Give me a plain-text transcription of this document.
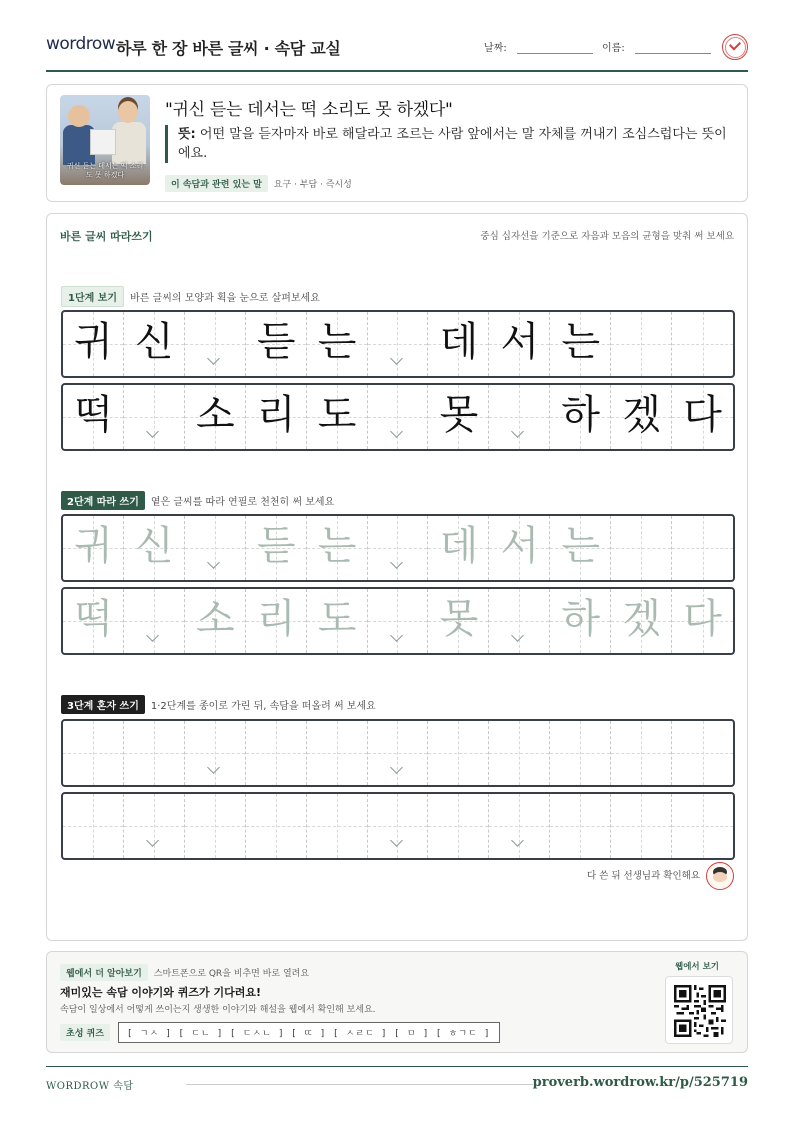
wordrow 하루 한 장 바른 글씨 · 속담 교실	날짜:	이름:
귀신 듣는 데서는 떡 소리도 못 하겠다
"귀신 듣는 데서는 떡 소리도 못 하겠다"
뜻: 어떤 말을 듣자마자 바로 해달라고 조르는 사람 앞에서는 말 자체를 꺼내기 조심스럽다는 뜻이에요.
이 속담과 관련 있는 말 요구 · 부담 · 즉시성
바른 글씨 따라쓰기	중심 십자선을 기준으로 자음과 모음의 균형을 맞춰 써 보세요
1단계 보기 바른 글씨의 모양과 획을 눈으로 살펴보세요
귀 신 듣 는 데 서 는
떡 소 리 도 못 하 겠 다
2단계 따라 쓰기 옅은 글씨를 따라 연필로 천천히 써 보세요
귀 신 듣 는 데 서 는
떡 소 리 도 못 하 겠 다
3단계 혼자 쓰기 1·2단계를 종이로 가린 뒤, 속담을 떠올려 써 보세요
다 쓴 뒤 선생님과 확인해요
웹에서 더 알아보기 스마트폰으로 QR을 비추면 바로 열려요
재미있는 속담 이야기와 퀴즈가 기다려요!
속담이 일상에서 어떻게 쓰이는지 생생한 이야기와 해설을 웹에서 확인해 보세요.
초성 퀴즈	[ ㄱㅅ ] [ ㄷㄴ ] [ ㄷㅅㄴ ] [ ㄸ ] [ ㅅㄹㄷ ] [ ㅁ ] [ ㅎㄱㄷ ]
웹에서 보기
WORDROW 속담	proverb.wordrow.kr/p/525719
